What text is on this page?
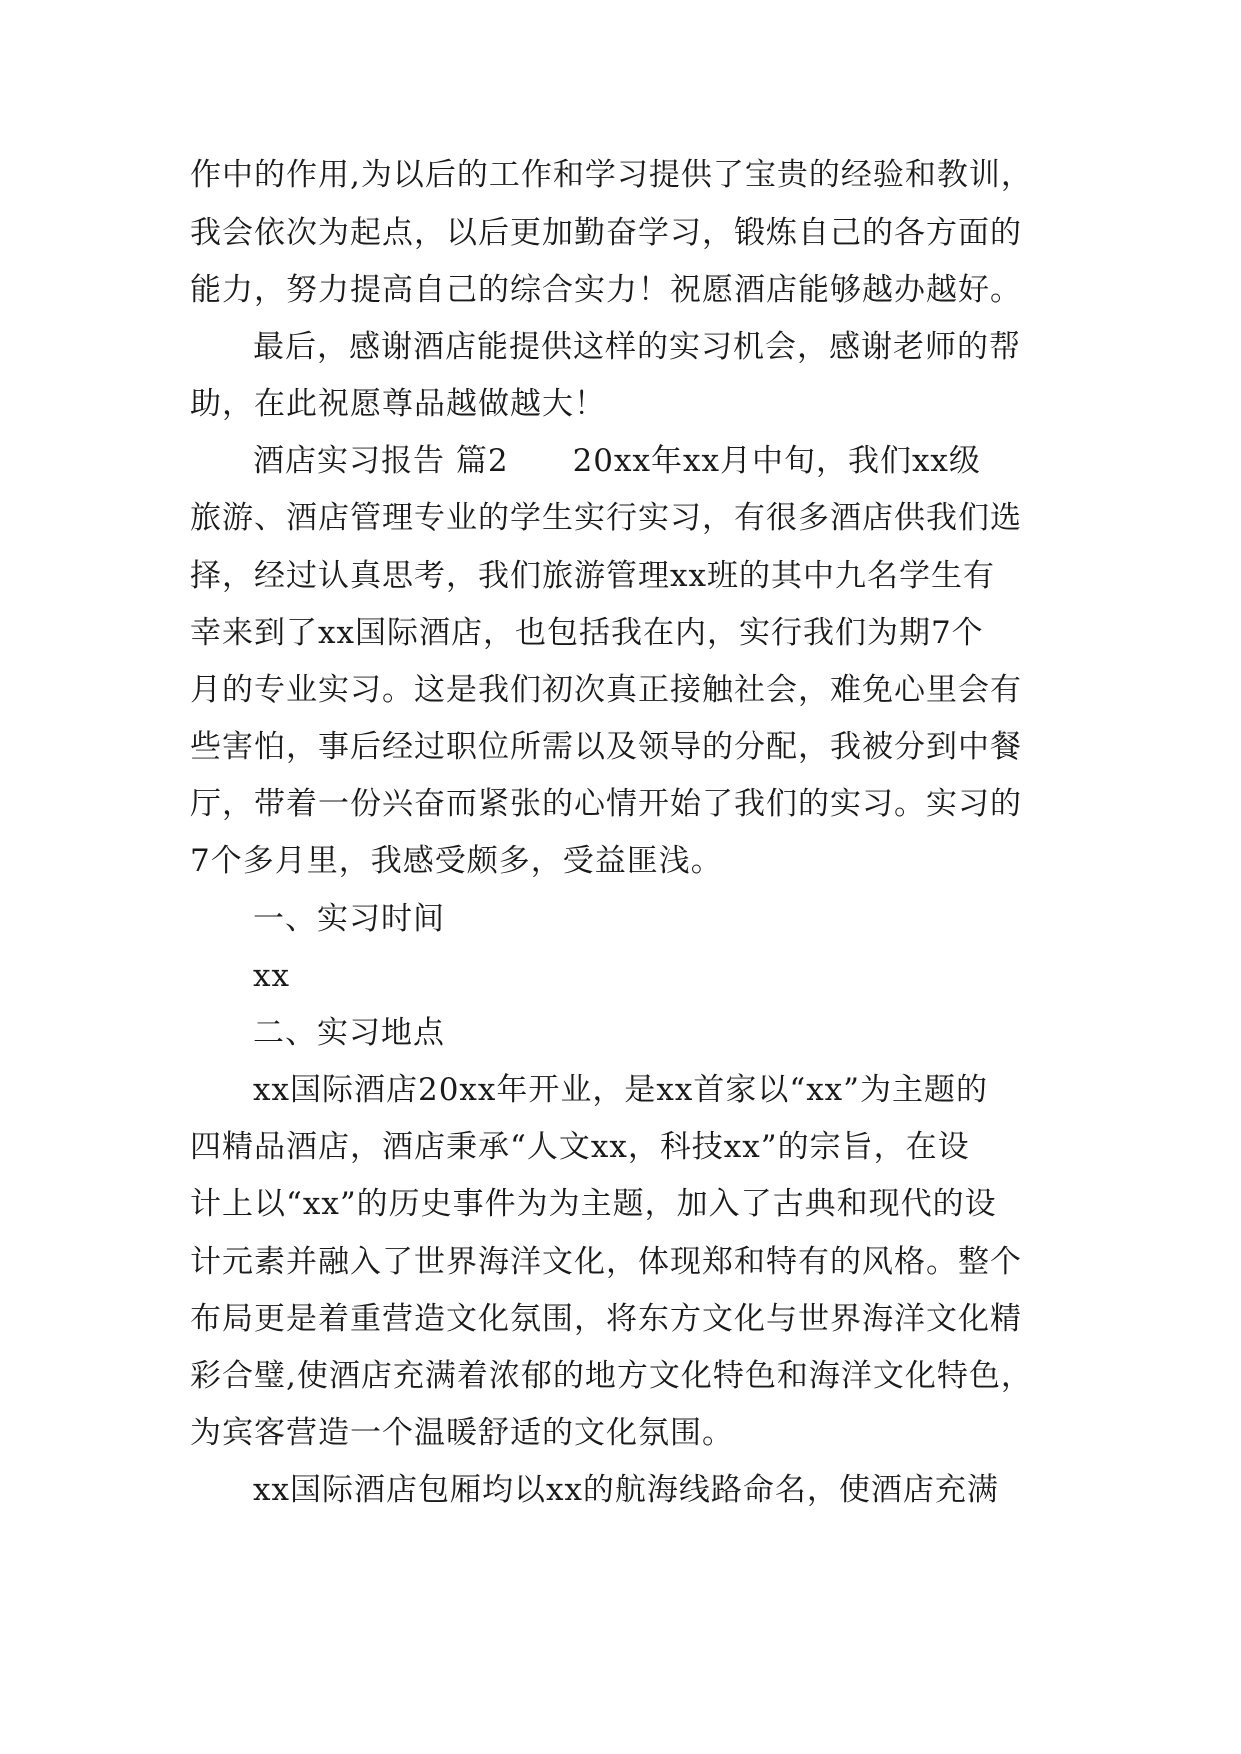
作中的作用,为以后的工作和学习提供了宝贵的经验和教训，
我会依次为起点，以后更加勤奋学习，锻炼自己的各方面的
能力，努力提高自己的综合实力！祝愿酒店能够越办越好。
最后，感谢酒店能提供这样的实习机会，感谢老师的帮
助，在此祝愿尊品越做越大！
酒店实习报告 篇2　　20xx年xx月中旬，我们xx级
旅游、酒店管理专业的学生实行实习，有很多酒店供我们选
择，经过认真思考，我们旅游管理xx班的其中九名学生有
幸来到了xx国际酒店，也包括我在内，实行我们为期7个
月的专业实习。这是我们初次真正接触社会，难免心里会有
些害怕，事后经过职位所需以及领导的分配，我被分到中餐
厅，带着一份兴奋而紧张的心情开始了我们的实习。实习的
7个多月里，我感受颇多，受益匪浅。
一、实习时间
xx
二、实习地点
xx国际酒店20xx年开业，是xx首家以“xx”为主题的
四精品酒店，酒店秉承“人文xx，科技xx”的宗旨，在设
计上以“xx”的历史事件为为主题，加入了古典和现代的设
计元素并融入了世界海洋文化，体现郑和特有的风格。整个
布局更是着重营造文化氛围，将东方文化与世界海洋文化精
彩合璧,使酒店充满着浓郁的地方文化特色和海洋文化特色，
为宾客营造一个温暖舒适的文化氛围。
xx国际酒店包厢均以xx的航海线路命名，使酒店充满
